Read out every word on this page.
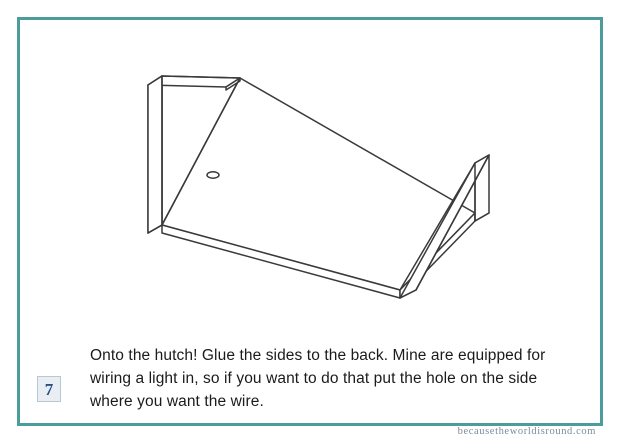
7

Onto the hutch! Glue the sides to the back. Mine are equipped for wiring a light in, so if you want to do that put the hole on the side where you want the wire.

becausetheworldisround.com
